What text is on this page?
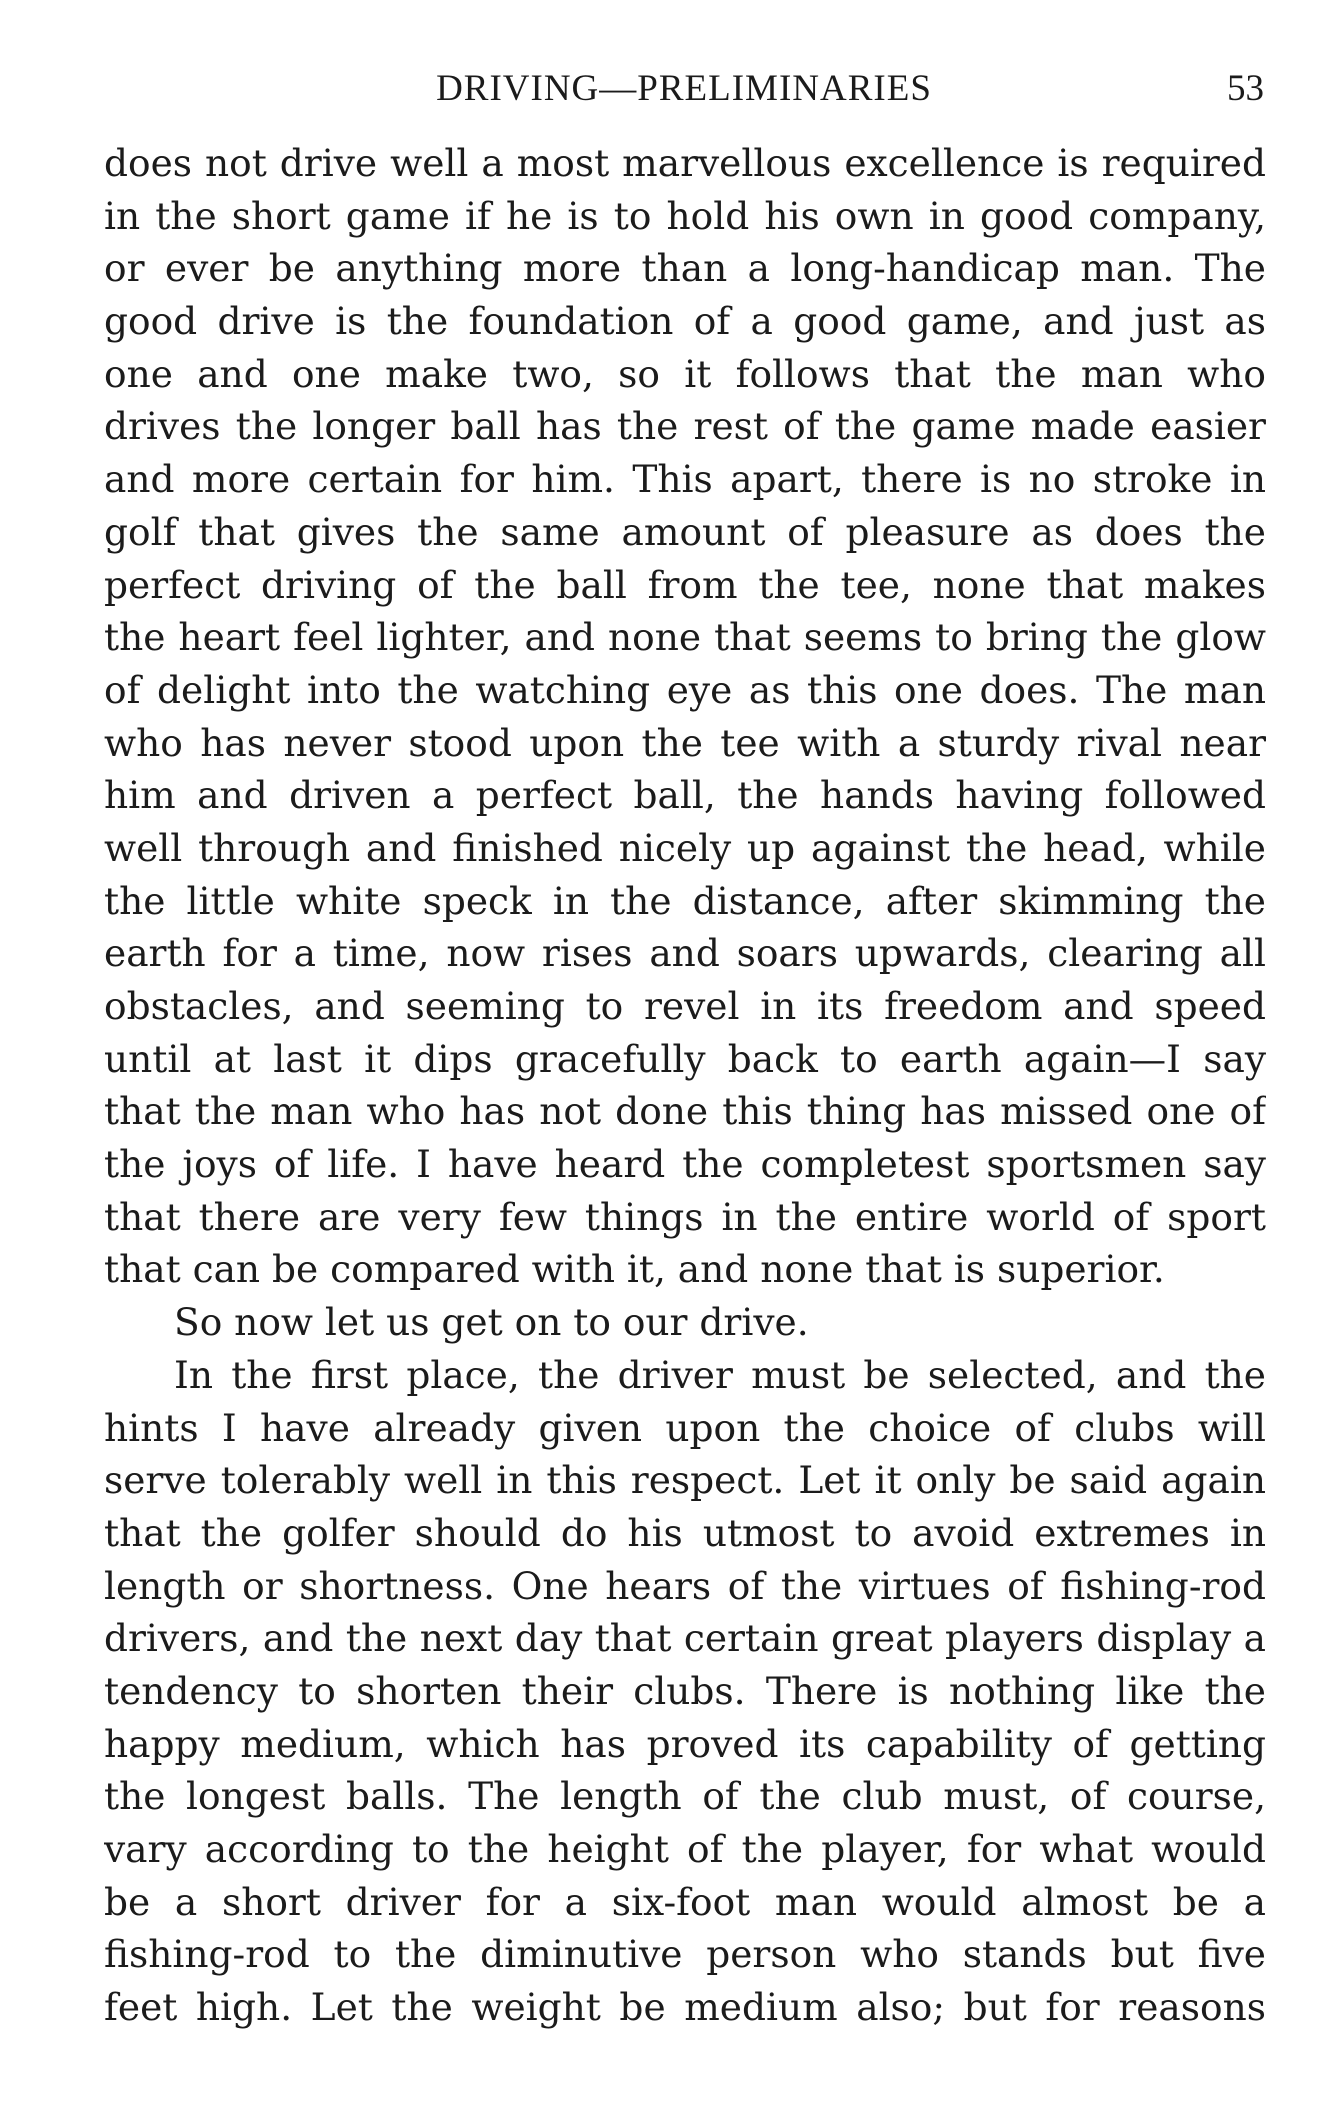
DRIVING—PRELIMINARIES	53
does not drive well a most marvellous excellence is required
in the short game if he is to hold his own in good company,
or ever be anything more than a long-handicap man. The
good drive is the foundation of a good game, and just as
one and one make two, so it follows that the man who
drives the longer ball has the rest of the game made easier
and more certain for him. This apart, there is no stroke in
golf that gives the same amount of pleasure as does the
perfect driving of the ball from the tee, none that makes
the heart feel lighter, and none that seems to bring the glow
of delight into the watching eye as this one does. The man
who has never stood upon the tee with a sturdy rival near
him and driven a perfect ball, the hands having followed
well through and finished nicely up against the head, while
the little white speck in the distance, after skimming the
earth for a time, now rises and soars upwards, clearing all
obstacles, and seeming to revel in its freedom and speed
until at last it dips gracefully back to earth again—I say
that the man who has not done this thing has missed one of
the joys of life. I have heard the completest sportsmen say
that there are very few things in the entire world of sport
that can be compared with it, and none that is superior.
So now let us get on to our drive.
In the first place, the driver must be selected, and the
hints I have already given upon the choice of clubs will
serve tolerably well in this respect. Let it only be said again
that the golfer should do his utmost to avoid extremes in
length or shortness. One hears of the virtues of fishing-rod
drivers, and the next day that certain great players display a
tendency to shorten their clubs. There is nothing like the
happy medium, which has proved its capability of getting
the longest balls. The length of the club must, of course,
vary according to the height of the player, for what would
be a short driver for a six-foot man would almost be a
fishing-rod to the diminutive person who stands but five
feet high. Let the weight be medium also; but for reasons
